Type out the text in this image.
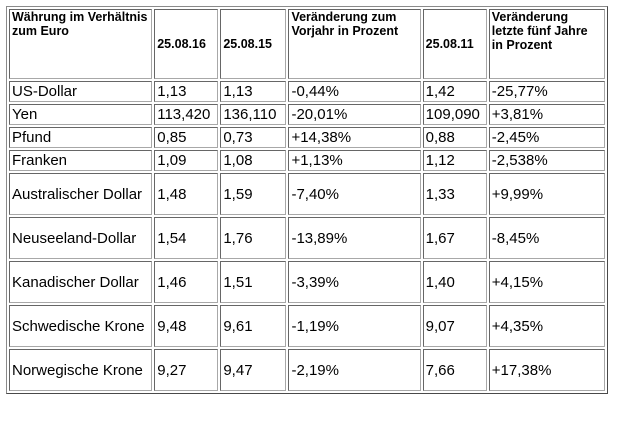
Währung im Verhältnis zum Euro	25.08.16	25.08.15	Veränderung zum Vorjahr in Prozent	25.08.11	Veränderung letzte fünf Jahre in Prozent
US-Dollar	1,13	1,13	-0,44%	1,42	-25,77%
Yen	113,420	136,110	-20,01%	109,090	+3,81%
Pfund	0,85	0,73	+14,38%	0,88	-2,45%
Franken	1,09	1,08	+1,13%	1,12	-2,538%
Australischer Dollar	1,48	1,59	-7,40%	1,33	+9,99%
Neuseeland-Dollar	1,54	1,76	-13,89%	1,67	-8,45%
Kanadischer Dollar	1,46	1,51	-3,39%	1,40	+4,15%
Schwedische Krone	9,48	9,61	-1,19%	9,07	+4,35%
Norwegische Krone	9,27	9,47	-2,19%	7,66	+17,38%
